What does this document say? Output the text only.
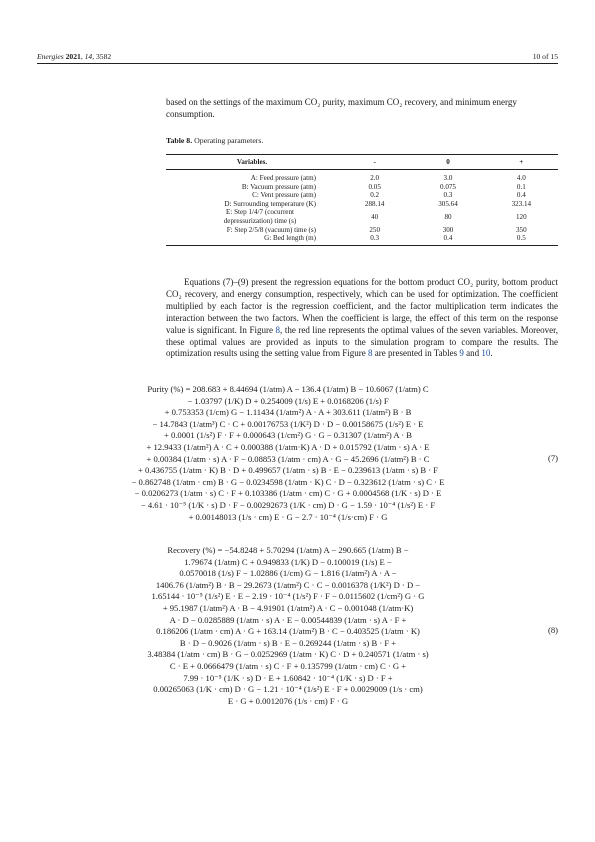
Energies 2021, 14, 3582	10 of 15
based on the settings of the maximum CO₂ purity, maximum CO₂ recovery, and minimum energy consumption.
Table 8. Operating parameters.
Variables.	-	0	+
A: Feed pressure (atm)	2.0	3.0	4.0
B: Vacuum pressure (atm)	0.05	0.075	0.1
C: Vent pressure (atm)	0.2	0.3	0.4
D: Surrounding temperature (K)	288.14	305.64	323.14
E: Step 1/4/7 (cocurrent depressurization) time (s)	40	80	120
F: Step 2/5/8 (vacuum) time (s)	250	300	350
G: Bed length (m)	0.3	0.4	0.5
Equations (7)–(9) present the regression equations for the bottom product CO₂ purity, bottom product CO₂ recovery, and energy consumption, respectively, which can be used for optimization. The coefficient multiplied by each factor is the regression coefficient, and the factor multiplication term indicates the interaction between the two factors. When the coefficient is large, the effect of this term on the response value is significant. In Figure 8, the red line represents the optimal values of the seven variables. Moreover, these optimal values are provided as inputs to the simulation program to compare the results. The optimization results using the setting value from Figure 8 are presented in Tables 9 and 10.
Purity (%) = 208.683 + 8.44694 (1/atm) A − 136.4 (1/atm) B − 10.6067 (1/atm) C
− 1.03797 (1/K) D + 0.254009 (1/s) E + 0.0168206 (1/s) F
+ 0.753353 (1/cm) G − 1.11434 (1/atm²) A · A + 303.611 (1/atm²) B · B
− 14.7843 (1/atm³) C · C + 0.00176753 (1/K²) D · D − 0.00158675 (1/s²) E · E
+ 0.0001 (1/s²) F · F + 0.000643 (1/cm²) G · G − 0.31307 (1/atm²) A · B
+ 12.9433 (1/atm²) A · C + 0.000388 (1/atm·K) A · D + 0.015792 (1/atm · s) A · E
+ 0.00384 (1/atm · s) A · F − 0.08853 (1/atm · cm) A · G − 45.2696 (1/atm²) B · C
+ 0.436755 (1/atm · K) B · D + 0.499657 (1/atm · s) B · E − 0.239613 (1/atm · s) B · F
− 0.862748 (1/atm · cm) B · G − 0.0234598 (1/atm · K) C · D − 0.323612 (1/atm · s) C · E
− 0.0206273 (1/atm · s) C · F + 0.103386 (1/atm · cm) C · G + 0.0004568 (1/K · s) D · E
− 4.61 · 10⁻⁵ (1/K · s) D · F − 0.00292673 (1/K · cm) D · G − 1.59 · 10⁻⁴ (1/s²) E · F
+ 0.00148013 (1/s · cm) E · G − 2.7 · 10⁻⁴ (1/s·cm) F · G
(7)
Recovery (%) = −54.8248 + 5.70294 (1/atm) A − 290.665 (1/atm) B −
1.79674 (1/atm) C + 0.949833 (1/K) D − 0.100019 (1/s) E −
0.0570018 (1/s) F − 1.02886 (1/cm) G − 1.816 (1/atm²) A · A −
1406.76 (1/atm²) B · B − 29.2673 (1/atm²) C · C − 0.0016378 (1/K²) D · D −
1.65144 · 10⁻⁵ (1/s²) E · E − 2.19 · 10⁻⁴ (1/s²) F · F − 0.0115602 (1/cm²) G · G
+ 95.1987 (1/atm²) A · B − 4.91901 (1/atm²) A · C − 0.001048 (1/atm·K)
A · D − 0.0285889 (1/atm · s) A · E − 0.00544839 (1/atm · s) A · F +
0.186206 (1/atm · cm) A · G + 163.14 (1/atm²) B · C − 0.403525 (1/atm · K)
B · D − 0.9026 (1/atm · s) B · E − 0.269244 (1/atm · s) B · F +
3.48384 (1/atm · cm) B · G − 0.0252969 (1/atm · K) C · D + 0.240571 (1/atm · s)
C · E + 0.0666479 (1/atm · s) C · F + 0.135799 (1/atm · cm) C · G +
7.99 · 10⁻⁵ (1/K · s) D · E + 1.60842 · 10⁻⁴ (1/K · s) D · F +
0.00265063 (1/K · cm) D · G − 1.21 · 10⁻⁴ (1/s²) E · F + 0.0029009 (1/s · cm)
E · G + 0.0012076 (1/s · cm) F · G
(8)
